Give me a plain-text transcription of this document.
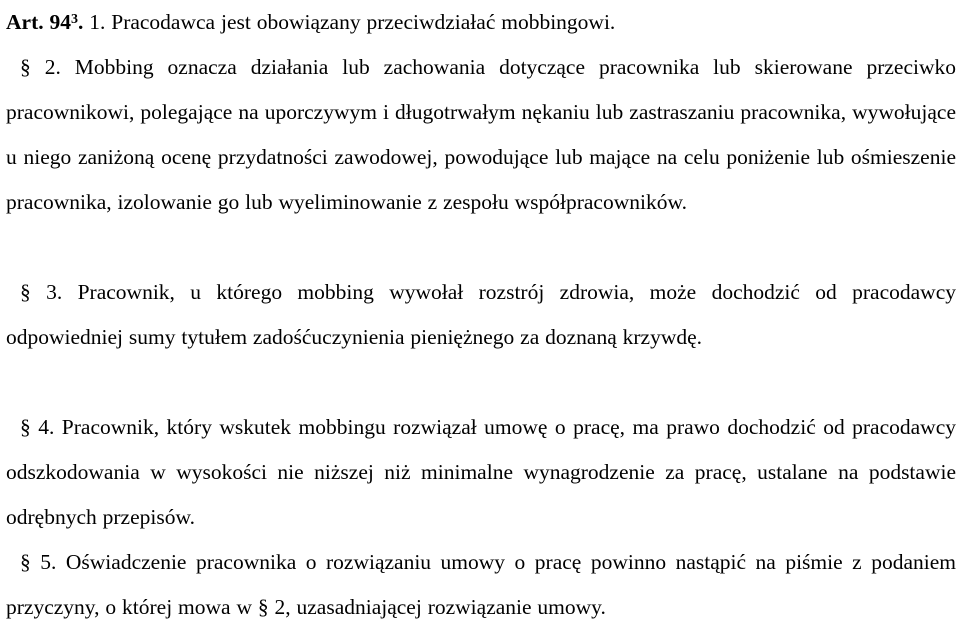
Art. $94^3$. 1. Pracodawca jest obowiązany przeciwdziałać mobbingowi.

§ 2. Mobbing oznacza działania lub zachowania dotyczące pracownika lub skierowane przeciwko pracownikowi, polegające na uporczywym i długotrwałym nękaniu lub zastraszaniu pracownika, wywołujące u niego zaniżoną ocenę przydatności zawodowej, powodujące lub mające na celu poniżenie lub ośmieszenie pracownika, izolowanie go lub wyeliminowanie z zespołu współpracowników.

§ 3. Pracownik, u którego mobbing wywołał rozstrój zdrowia, może dochodzić od pracodawcy odpowiedniej sumy tytułem zadośćuczynienia pieniężnego za doznaną krzywdę.

§ 4. Pracownik, który wskutek mobbingu rozwiązał umowę o pracę, ma prawo dochodzić od pracodawcy odszkodowania w wysokości nie niższej niż minimalne wynagrodzenie za pracę, ustalane na podstawie odrębnych przepisów.

§ 5. Oświadczenie pracownika o rozwiązaniu umowy o pracę powinno nastąpić na piśmie z podaniem przyczyny, o której mowa w § 2, uzasadniającej rozwiązanie umowy.
